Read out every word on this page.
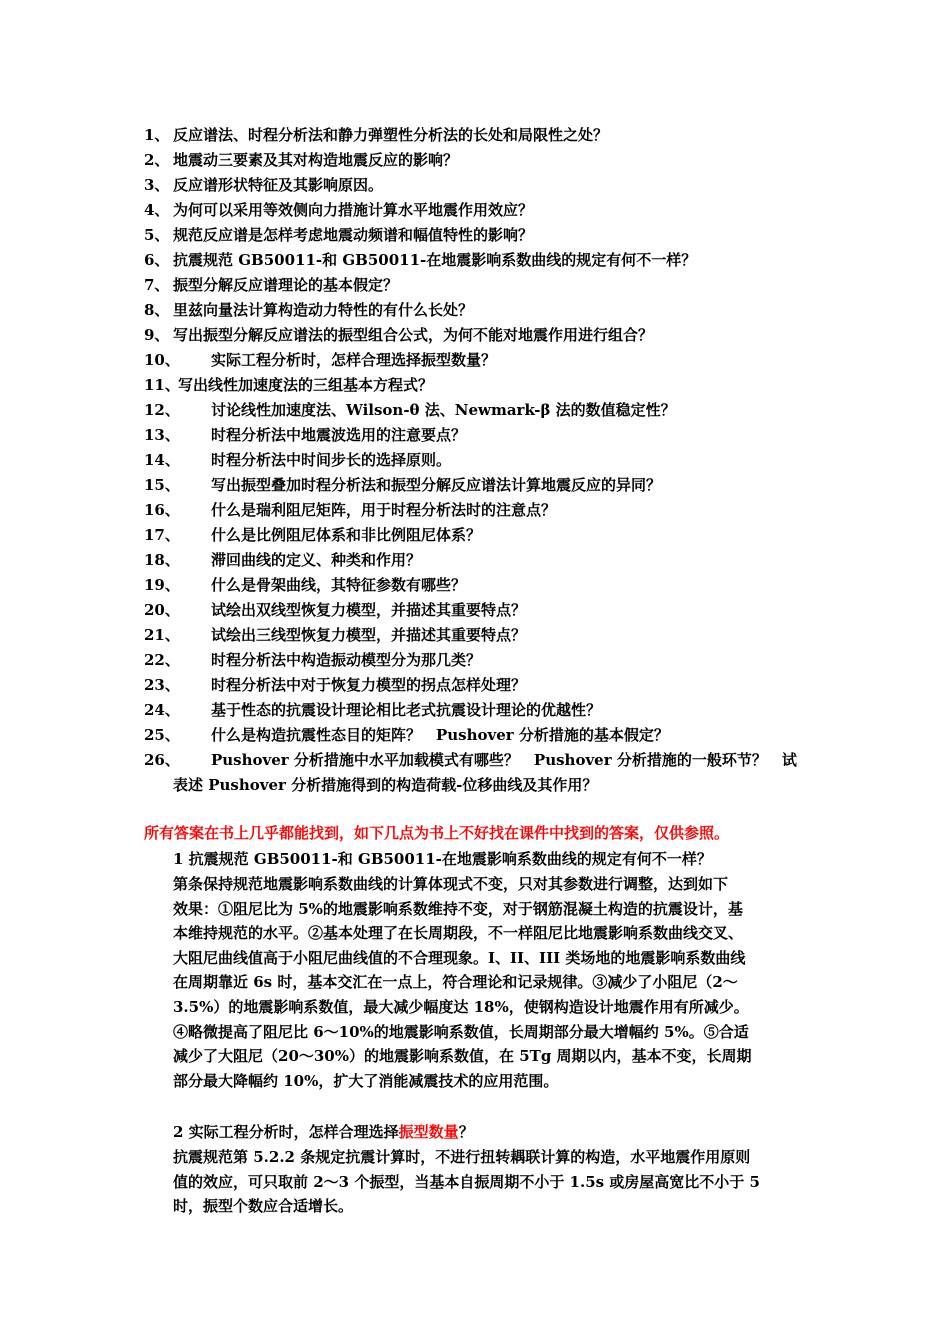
1、 反应谱法、时程分析法和静力弹塑性分析法的长处和局限性之处？
2、 地震动三要素及其对构造地震反应的影响？
3、 反应谱形状特征及其影响原因。
4、 为何可以采用等效侧向力措施计算水平地震作用效应？
5、 规范反应谱是怎样考虑地震动频谱和幅值特性的影响？
6、 抗震规范 GB50011-和 GB50011-在地震影响系数曲线的规定有何不一样？
7、 振型分解反应谱理论的基本假定？
8、 里兹向量法计算构造动力特性的有什么长处？
9、 写出振型分解反应谱法的振型组合公式，为何不能对地震作用进行组合？
10、 实际工程分析时，怎样合理选择振型数量？
11、写出线性加速度法的三组基本方程式？
12、 讨论线性加速度法、Wilson-θ 法、Newmark-β 法的数值稳定性？
13、 时程分析法中地震波选用的注意要点？
14、 时程分析法中时间步长的选择原则。
15、 写出振型叠加时程分析法和振型分解反应谱法计算地震反应的异同？
16、 什么是瑞利阻尼矩阵，用于时程分析法时的注意点？
17、 什么是比例阻尼体系和非比例阻尼体系？
18、 滞回曲线的定义、种类和作用？
19、 什么是骨架曲线，其特征参数有哪些？
20、 试绘出双线型恢复力模型，并描述其重要特点？
21、 试绘出三线型恢复力模型，并描述其重要特点？
22、 时程分析法中构造振动模型分为那几类？
23、 时程分析法中对于恢复力模型的拐点怎样处理？
24、 基于性态的抗震设计理论相比老式抗震设计理论的优越性？
25、 什么是构造抗震性态目的矩阵？　Pushover 分析措施的基本假定？
26、 Pushover 分析措施中水平加载模式有哪些？　Pushover 分析措施的一般环节？　试
表述 Pushover 分析措施得到的构造荷载-位移曲线及其作用？
所有答案在书上几乎都能找到，如下几点为书上不好找在课件中找到的答案，仅供参照。
1 抗震规范 GB50011-和 GB50011-在地震影响系数曲线的规定有何不一样？
第条保持规范地震影响系数曲线的计算体现式不变，只对其参数进行调整，达到如下
效果：①阻尼比为 5%的地震影响系数维持不变，对于钢筋混凝土构造的抗震设计，基
本维持规范的水平。②基本处理了在长周期段，不一样阻尼比地震影响系数曲线交叉、
大阻尼曲线值高于小阻尼曲线值的不合理现象。I、II、III 类场地的地震影响系数曲线
在周期靠近 6s 时，基本交汇在一点上，符合理论和记录规律。③减少了小阻尼（2～
3.5%）的地震影响系数值，最大减少幅度达 18%，使钢构造设计地震作用有所减少。
④略微提高了阻尼比 6～10%的地震影响系数值，长周期部分最大增幅约 5%。⑤合适
减少了大阻尼（20～30%）的地震影响系数值，在 5Tg 周期以内，基本不变，长周期
部分最大降幅约 10%，扩大了消能减震技术的应用范围。
2 实际工程分析时，怎样合理选择振型数量？
抗震规范第 5.2.2 条规定抗震计算时，不进行扭转耦联计算的构造，水平地震作用原则
值的效应，可只取前 2～3 个振型，当基本自振周期不小于 1.5s 或房屋高宽比不小于 5
时，振型个数应合适增长。
